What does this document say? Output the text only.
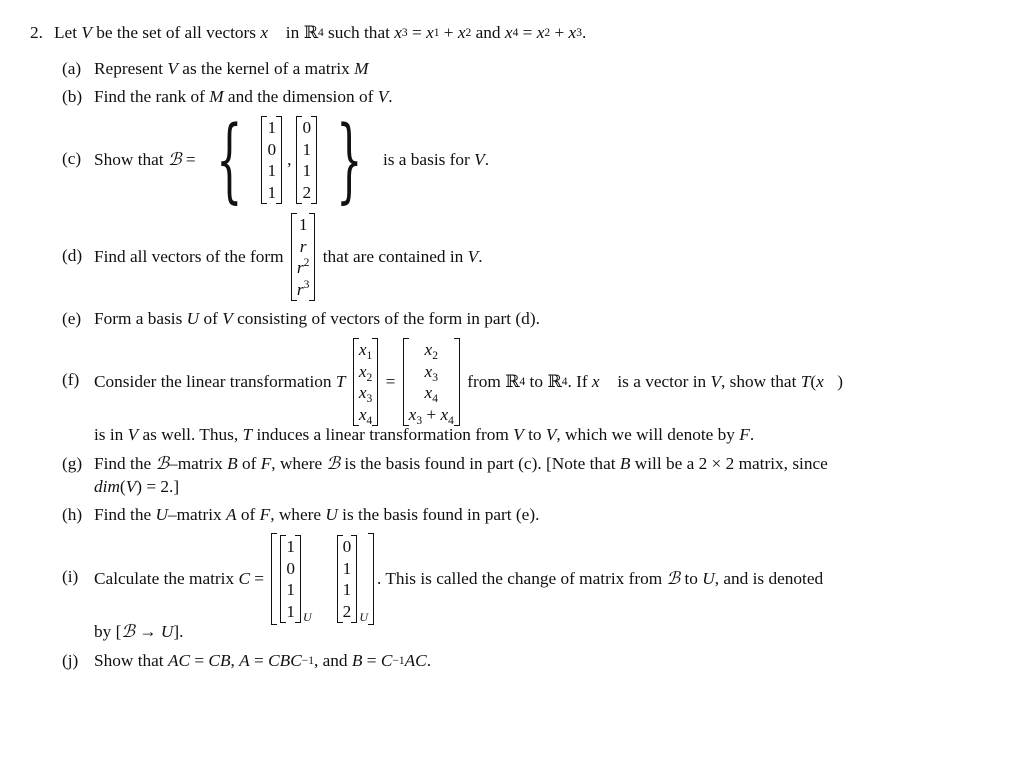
2. Let V be the set of all vectors x⃗ in ℝ 4 such that x 3 = x 1 + x 2 and x 4 = x 2 + x 3 .
(a) Represent V as the kernel of a matrix M
(b) Find the rank of M and the dimension of V .
(c) Show that ℬ = { 1
0
1
1
,
0
1
1
2 } is a basis for V .
(d) Find all vectors of the form
1
r
$r^2$
$r^3$
that are contained in V .
(e) Form a basis U of V consisting of vectors of the form in part (d).
(f) Consider the linear transformation T

$x_1$
$x_2$
$x_3$
$x_4$
=
$x_2$
$x_3$
$x_4$
$x_3 + x_4$
from ℝ 4 to ℝ 4 . If x⃗ is a vector in V , show that T ( x⃗ )
is in V as well. Thus, T induces a linear transformation from V to V , which we will denote by F .
(g) Find the ℬ –matrix B of F , where ℬ is the basis found in part (c). [Note that B will be a 2 × 2 matrix, since
dim ( V ) = 2.]
(h) Find the U –matrix A of F , where U is the basis found in part (e).
(i) Calculate the matrix C =
1
0
1
1 U
0
1
1
2 U
. This is called the change of matrix from ℬ to U , and is denoted
by [ ℬ → U ].
(j) Show that AC = CB , A = CBC −1 , and B = C −1 AC .
